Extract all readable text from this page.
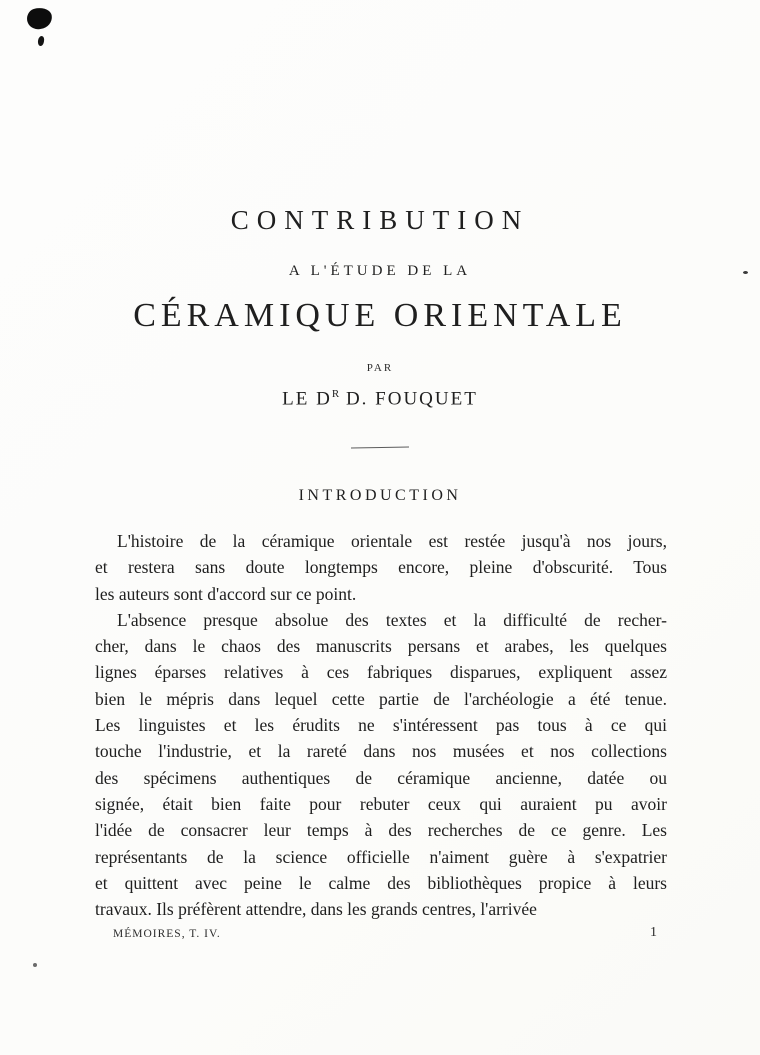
CONTRIBUTION
A L'ÉTUDE DE LA
CÉRAMIQUE ORIENTALE
PAR
LE $D^R$ D. FOUQUET
INTRODUCTION

L'histoire de la céramique orientale est restée jusqu'à nos jours,
et restera sans doute longtemps encore, pleine d'obscurité. Tous
les auteurs sont d'accord sur ce point.

L'absence presque absolue des textes et la difficulté de recher-
cher, dans le chaos des manuscrits persans et arabes, les quelques
lignes éparses relatives à ces fabriques disparues, expliquent assez
bien le mépris dans lequel cette partie de l'archéologie a été tenue.
Les linguistes et les érudits ne s'intéressent pas tous à ce qui
touche l'industrie, et la rareté dans nos musées et nos collections
des spécimens authentiques de céramique ancienne, datée ou
signée, était bien faite pour rebuter ceux qui auraient pu avoir
l'idée de consacrer leur temps à des recherches de ce genre. Les
représentants de la science officielle n'aiment guère à s'expatrier
et quittent avec peine le calme des bibliothèques propice à leurs
travaux. Ils préfèrent attendre, dans les grands centres, l'arrivée

MÉMOIRES, T. IV.	1
